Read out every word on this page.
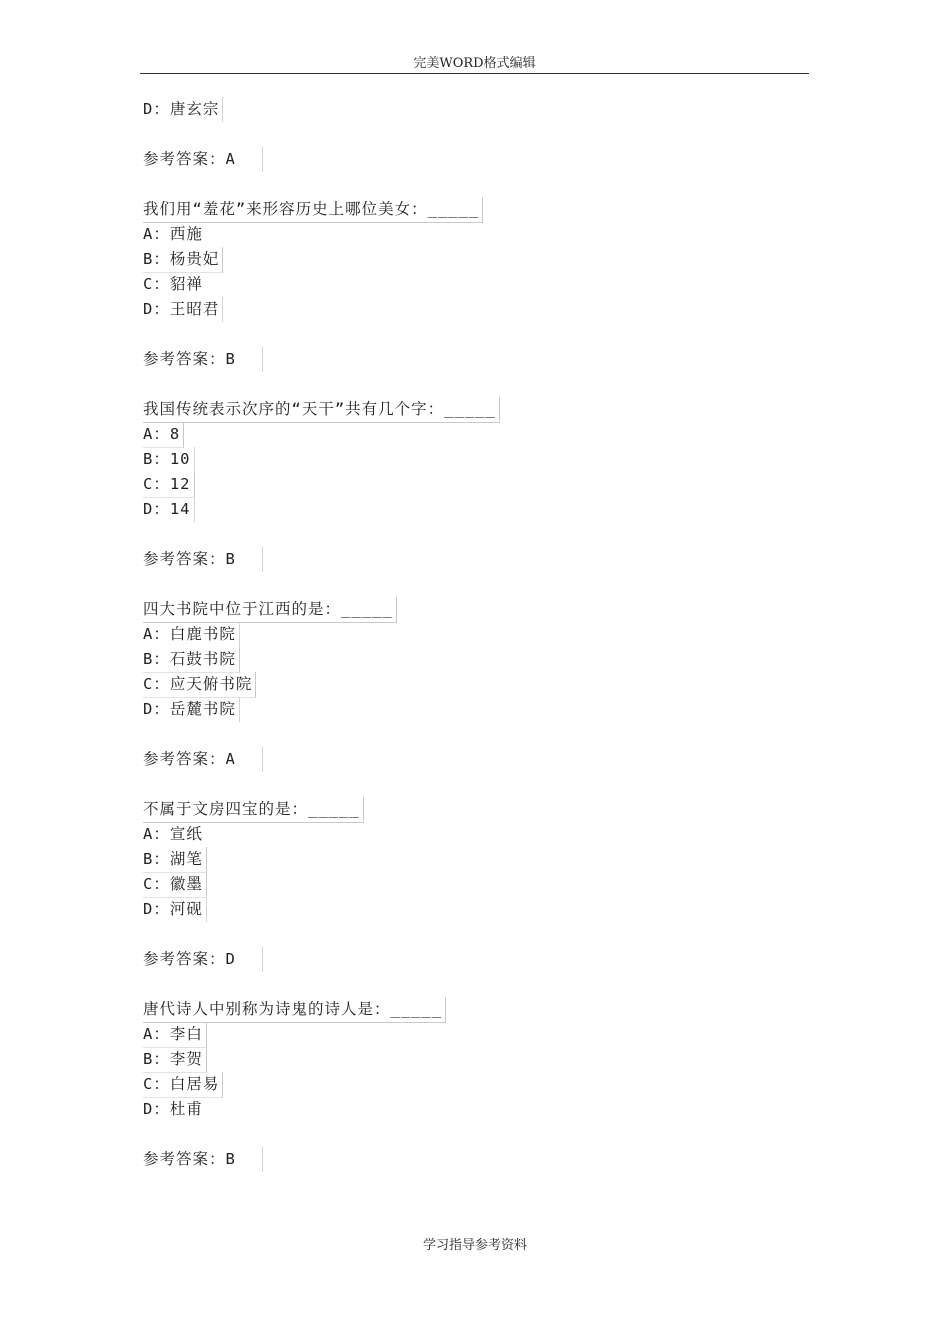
完美WORD格式编辑
D：唐玄宗
参考答案：A
我们用“羞花”来形容历史上哪位美女：_____
A：西施
B：杨贵妃
C：貂禅
D：王昭君
参考答案：B
我国传统表示次序的“天干”共有几个字：_____
A：8
B：10
C：12
D：14
参考答案：B
四大书院中位于江西的是：_____
A：白鹿书院
B：石鼓书院
C：应天俯书院
D：岳麓书院
参考答案：A
不属于文房四宝的是：_____
A：宣纸
B：湖笔
C：徽墨
D：河砚
参考答案：D
唐代诗人中别称为诗鬼的诗人是：_____
A：李白
B：李贺
C：白居易
D：杜甫
参考答案：B
学习指导参考资料
